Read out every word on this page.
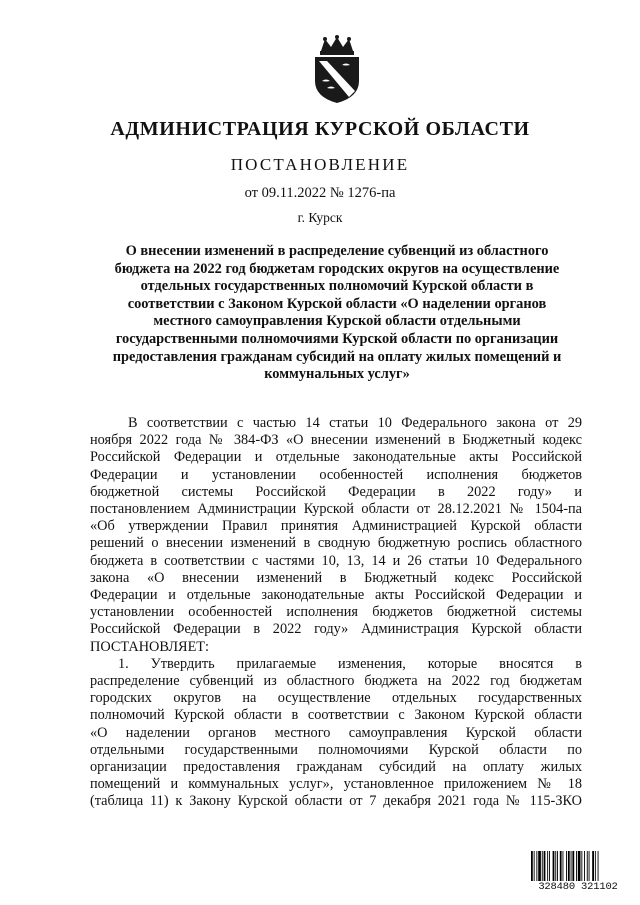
АДМИНИСТРАЦИЯ КУРСКОЙ ОБЛАСТИ
ПОСТАНОВЛЕНИЕ
от 09.11.2022 № 1276-па
г. Курск
О внесении изменений в распределение субвенций из областного
бюджета на 2022 год бюджетам городских округов на осуществление
отдельных государственных полномочий Курской области в
соответствии с Законом Курской области «О наделении органов
местного самоуправления Курской области отдельными
государственными полномочиями Курской области по организации
предоставления гражданам субсидий на оплату жилых помещений и
коммунальных услуг»
В соответствии с частью 14 статьи 10 Федерального закона от 29
ноября 2022 года № 384-ФЗ «О внесении изменений в Бюджетный кодекс
Российской Федерации и отдельные законодательные акты Российской
Федерации и установлении особенностей исполнения бюджетов
бюджетной системы Российской Федерации в 2022 году» и
постановлением Администрации Курской области от 28.12.2021 № 1504-па
«Об утверждении Правил принятия Администрацией Курской области
решений о внесении изменений в сводную бюджетную роспись областного
бюджета в соответствии с частями 10, 13, 14 и 26 статьи 10 Федерального
закона «О внесении изменений в Бюджетный кодекс Российской
Федерации и отдельные законодательные акты Российской Федерации и
установлении особенностей исполнения бюджетов бюджетной системы
Российской Федерации в 2022 году» Администрация Курской области
ПОСТАНОВЛЯЕТ:
1. Утвердить прилагаемые изменения, которые вносятся в
распределение субвенций из областного бюджета на 2022 год бюджетам
городских округов на осуществление отдельных государственных
полномочий Курской области в соответствии с Законом Курской области
«О наделении органов местного самоуправления Курской области
отдельными государственными полномочиями Курской области по
организации предоставления гражданам субсидий на оплату жилых
помещений и коммунальных услуг», установленное приложением № 18
(таблица 11) к Закону Курской области от 7 декабря 2021 года № 115-ЗКО
328480 321102
